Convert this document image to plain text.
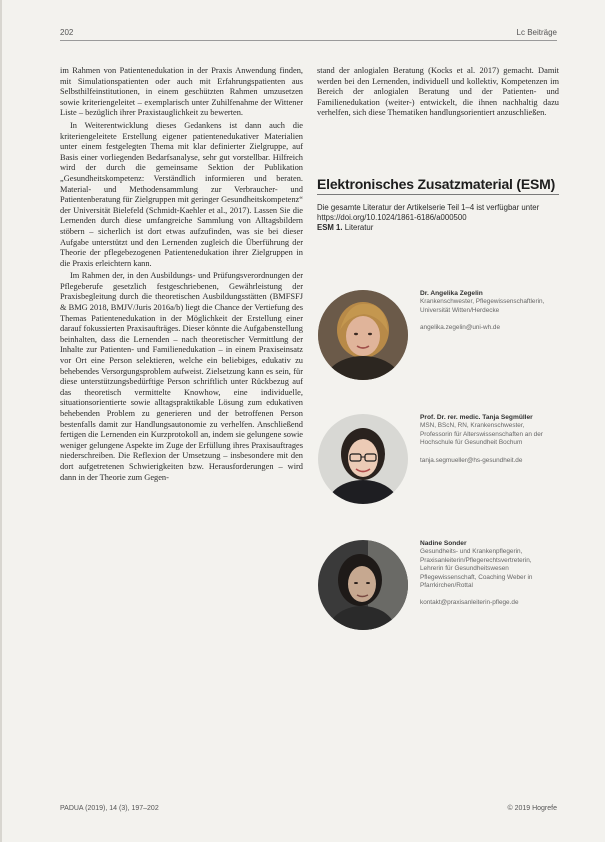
202	Lc Beiträge

im Rahmen von Patientenedukation in der Praxis Anwendung finden, mit Simulationspatienten oder auch mit Erfahrungspatienten aus Selbsthilfeinstitutionen, in einem geschützten Rahmen umzusetzen sowie kriteriengeleitet – exemplarisch unter Zuhilfenahme der Wittener Liste – bezüglich ihrer Praxistauglichkeit zu bewerten.

In Weiterentwicklung dieses Gedankens ist dann auch die kriteriengeleitete Erstellung eigener patientenedukativer Materialien unter einem festgelegten Thema mit klar definierter Zielgruppe, auf Basis einer vorliegenden Bedarfsanalyse, sehr gut vorstellbar. Hilfreich wird der durch die gemeinsame Sektion der Publikation „Gesundheitskompetenz: Verständlich informieren und beraten. Material- und Methodensammlung zur Verbraucher- und Patientenberatung für Zielgruppen mit geringer Gesundheitskompetenz“ der Universität Bielefeld (Schmidt-Kaehler et al., 2017). Lassen Sie die Lernenden durch diese umfangreiche Sammlung von Alltagsbildern stöbern – sicherlich ist dort etwas aufzufinden, was sie bei dieser Aufgabe unterstützt und den Lernenden zugleich die Überführung der Theorie der pflegebezogenen Patientenedukation ihrer Zielgruppen in die Praxis erleichtern kann.

Im Rahmen der, in den Ausbildungs- und Prüfungsverordnungen der Pflegeberufe gesetzlich festgeschriebenen, Gewährleistung der Praxisbegleitung durch die theoretischen Ausbildungsstätten (BMFSFJ & BMG 2018, BMJV/Juris 2016a/b) liegt die Chance der Vertiefung des Themas Patientenedukation in der Möglichkeit der Erstellung einer darauf fokussierten Praxisaufträges. Dieser könnte die Aufgabenstellung beinhalten, dass die Lernenden – nach theoretischer Vermittlung der Inhalte zur Patienten- und Familienedukation – in einem Praxiseinsatz vor Ort eine Person selektieren, welche ein beliebiges, edukativ zu behebendes Versorgungsproblem aufweist. Zielsetzung kann es sein, für diese unterstützungsbedürftige Person schriftlich unter Rückbezug auf das theoretisch vermittelte Knowhow, eine individuelle, situationsorientierte sowie alltagspraktikable Lösung zum edukativen behebenden Problem zu generieren und der betroffenen Person bestenfalls damit zur Handlungsautonomie zu verhelfen. Anschließend fertigen die Lernenden ein Kurzprotokoll an, indem sie gelungene sowie weniger gelungene Aspekte im Zuge der Erfüllung ihres Praxisauftrages niederschreiben. Die Reflexion der Umsetzung – insbesondere mit den dort aufgetretenen Schwierigkeiten bzw. Herausforderungen – wird dann in der Theorie zum Gegen-

stand der anlogialen Beratung (Kocks et al. 2017) gemacht. Damit werden bei den Lernenden, individuell und kollektiv, Kompetenzen im Bereich der anlogialen Beratung und der Patienten- und Familienedukation (weiter-) entwickelt, die ihnen nachhaltig dazu verhelfen, sich diese Thematiken handlungsorientiert anzuschließen.

Elektronisches Zusatzmaterial (ESM)
Die gesamte Literatur der Artikelserie Teil 1–4 ist verfügbar unter https://doi.org/10.1024/1861-6186/a000500
ESM 1. Literatur
Dr. Angelika Zegelin
Krankenschwester, Pflegewissenschaftlerin, Universität Witten/Herdecke
angelika.zegelin@uni-wh.de
Prof. Dr. rer. medic. Tanja Segmüller
MSN, BScN, RN, Krankenschwester, Professorin für Alterswissenschaften an der Hochschule für Gesundheit Bochum
tanja.segmueller@hs-gesundheit.de
Nadine Sonder
Gesundheits- und Krankenpflegerin, Praxisanleiterin/Pflegerechtsvertreterin, Lehrerin für Gesundheitswesen Pflegewissenschaft, Coaching Weber in Pfarrkirchen/Rottal
kontakt@praxisanleiterin-pflege.de
PADUA (2019), 14 (3), 197–202	© 2019 Hogrefe
